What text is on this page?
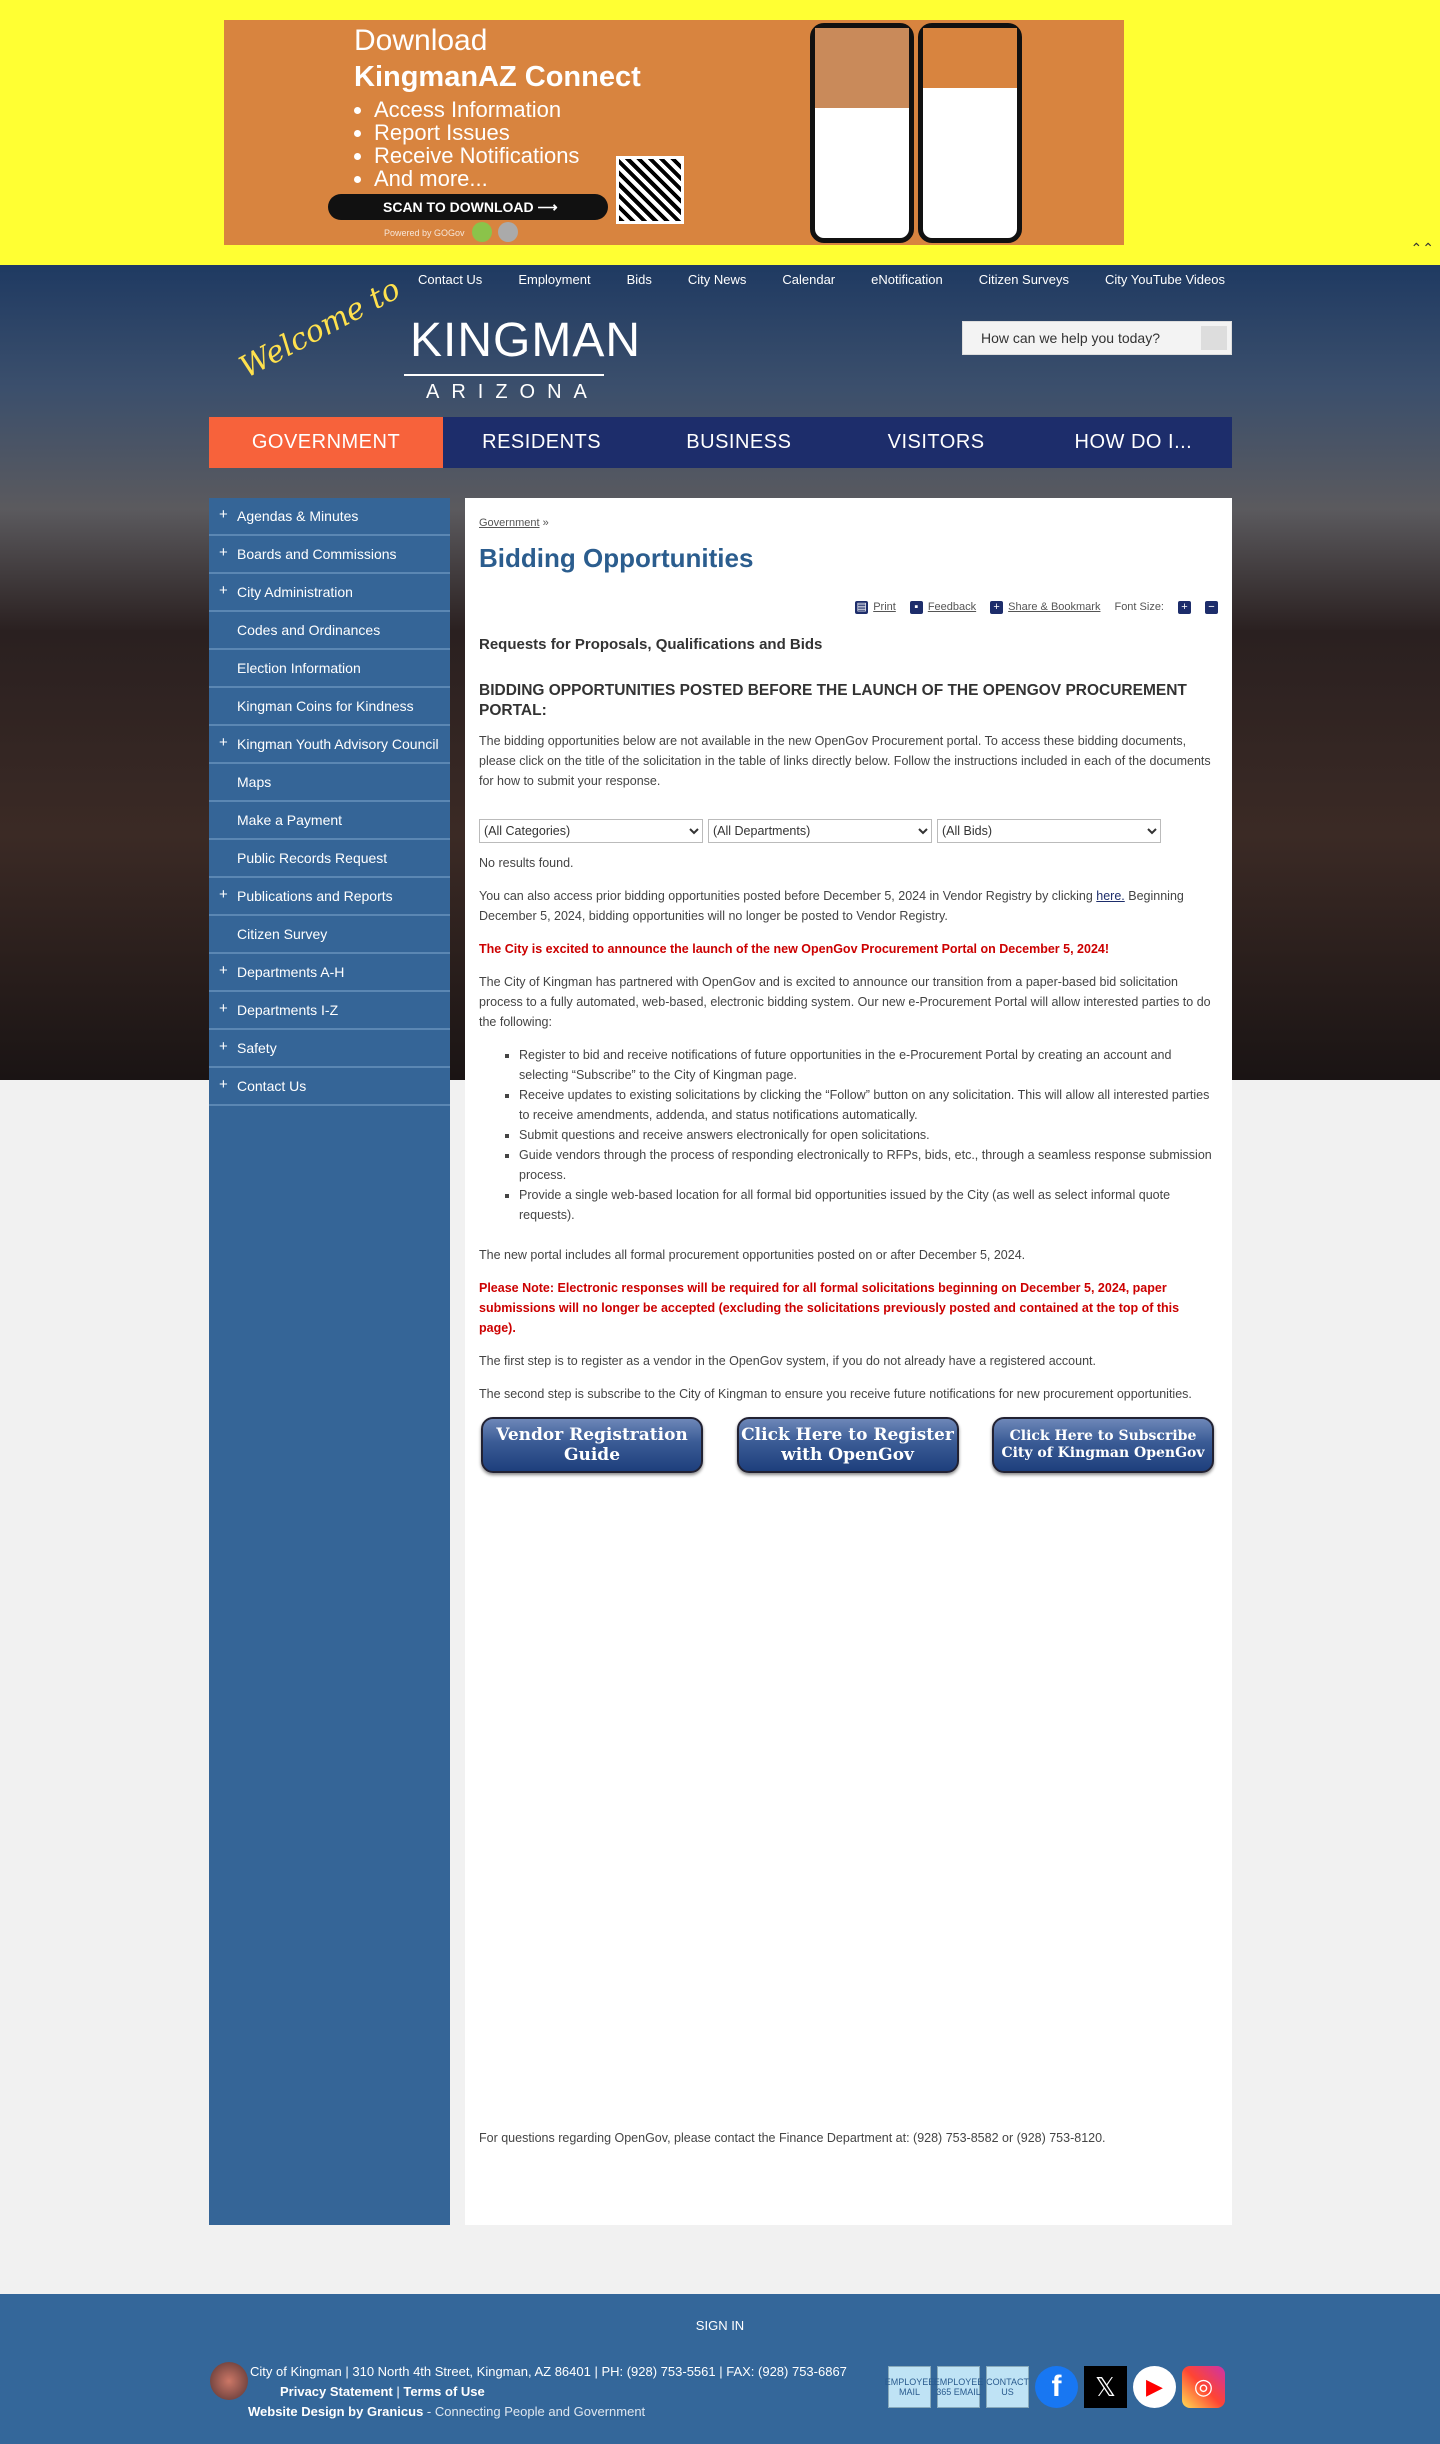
Download
KingmanAZ Connect
• Access Information
• Report Issues
• Receive Notifications
• And more...
SCAN TO DOWNLOAD ⟶
Powered by GOGov
⌃⌃
Contact Us	Employment	Bids	City News	Calendar	eNotification	Citizen Surveys	City YouTube Videos
Welcome to KINGMAN
ARIZONA
How can we help you today?
GOVERNMENT	RESIDENTS	BUSINESS	VISITORS	HOW DO I...
+ Agendas & Minutes
+ Boards and Commissions
+ City Administration
Codes and Ordinances
Election Information
Kingman Coins for Kindness
+ Kingman Youth Advisory Council
Maps
Make a Payment
Public Records Request
+ Publications and Reports
Citizen Survey
+ Departments A-H
+ Departments I-Z
+ Safety
+ Contact Us
Government »
Bidding Opportunities
▤ Print	▪ Feedback + Share & Bookmark Font Size: + −
Requests for Proposals, Qualifications and Bids
BIDDING OPPORTUNITIES POSTED BEFORE THE LAUNCH OF THE OPENGOV PROCUREMENT PORTAL:

The bidding opportunities below are not available in the new OpenGov Procurement portal. To access these bidding documents, please click on the title of the solicitation in the table of links directly below. Follow the instructions included in each of the documents for how to submit your response.

(All Categories)
(All Departments)
(All Bids)

No results found.

You can also access prior bidding opportunities posted before December 5, 2024 in Vendor Registry by clicking here. Beginning December 5, 2024, bidding opportunities will no longer be posted to Vendor Registry.

The City is excited to announce the launch of the new OpenGov Procurement Portal on December 5, 2024!

The City of Kingman has partnered with OpenGov and is excited to announce our transition from a paper-based bid solicitation process to a fully automated, web-based, electronic bidding system. Our new e-Procurement Portal will allow interested parties to do the following:

▪ Register to bid and receive notifications of future opportunities in the e-Procurement Portal by creating an account and selecting “Subscribe” to the City of Kingman page.
▪ Receive updates to existing solicitations by clicking the “Follow” button on any solicitation. This will allow all interested parties to receive amendments, addenda, and status notifications automatically.
▪ Submit questions and receive answers electronically for open solicitations.
▪ Guide vendors through the process of responding electronically to RFPs, bids, etc., through a seamless response submission process.
▪ Provide a single web-based location for all formal bid opportunities issued by the City (as well as select informal quote requests).

The new portal includes all formal procurement opportunities posted on or after December 5, 2024.

Please Note: Electronic responses will be required for all formal solicitations beginning on December 5, 2024, paper submissions will no longer be accepted (excluding the solicitations previously posted and contained at the top of this page).

The first step is to register as a vendor in the OpenGov system, if you do not already have a registered account.

The second step is subscribe to the City of Kingman to ensure you receive future notifications for new procurement opportunities.

Vendor Registration Guide
Click Here to Register with OpenGov
Click Here to Subscribe City of Kingman OpenGov

For questions regarding OpenGov, please contact the Finance Department at: (928) 753-8582 or (928) 753-8120.

SIGN IN
City of Kingman | 310 North 4th Street, Kingman, AZ 86401 | PH: (928) 753-5561 | FAX: (928) 753-6867
Privacy Statement | Terms of Use
Website Design by Granicus - Connecting People and Government
EMPLOYEE MAIL
EMPLOYEE 365 EMAIL
CONTACT US	f	𝕏	▶	◎
